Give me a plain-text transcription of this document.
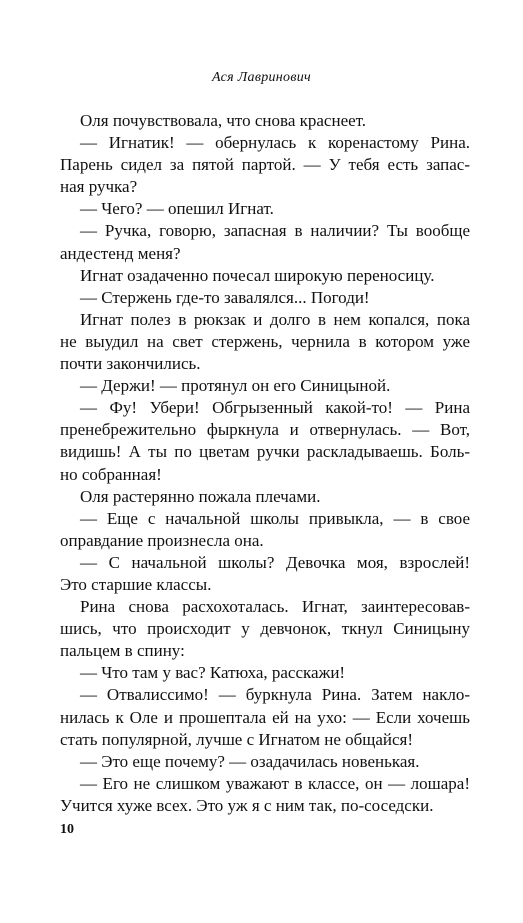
Ася Лавринович
Оля почувствовала, что снова краснеет.
— Игнатик! — обернулась к коренастому Рина.
Парень сидел за пятой партой. — У тебя есть запас-
ная ручка?
— Чего? — опешил Игнат.
— Ручка, говорю, запасная в наличии? Ты вообще
андестенд меня?
Игнат озадаченно почесал широкую переносицу.
— Стержень где-то завалялся... Погоди!
Игнат полез в рюкзак и долго в нем копался, пока
не выудил на свет стержень, чернила в котором уже
почти закончились.
— Держи! — протянул он его Синицыной.
— Фу! Убери! Обгрызенный какой-то! — Рина
пренебрежительно фыркнула и отвернулась. — Вот,
видишь! А ты по цветам ручки раскладываешь. Боль-
но собранная!
Оля растерянно пожала плечами.
— Еще с начальной школы привыкла, — в свое
оправдание произнесла она.
— С начальной школы? Девочка моя, взрослей!
Это старшие классы.
Рина снова расхохоталась. Игнат, заинтересовав-
шись, что происходит у девчонок, ткнул Синицыну
пальцем в спину:
— Что там у вас? Катюха, расскажи!
— Отвалиссимо! — буркнула Рина. Затем накло-
нилась к Оле и прошептала ей на ухо: — Если хочешь
стать популярной, лучше с Игнатом не общайся!
— Это еще почему? — озадачилась новенькая.
— Его не слишком уважают в классе, он — лошара!
Учится хуже всех. Это уж я с ним так, по-соседски.
10
